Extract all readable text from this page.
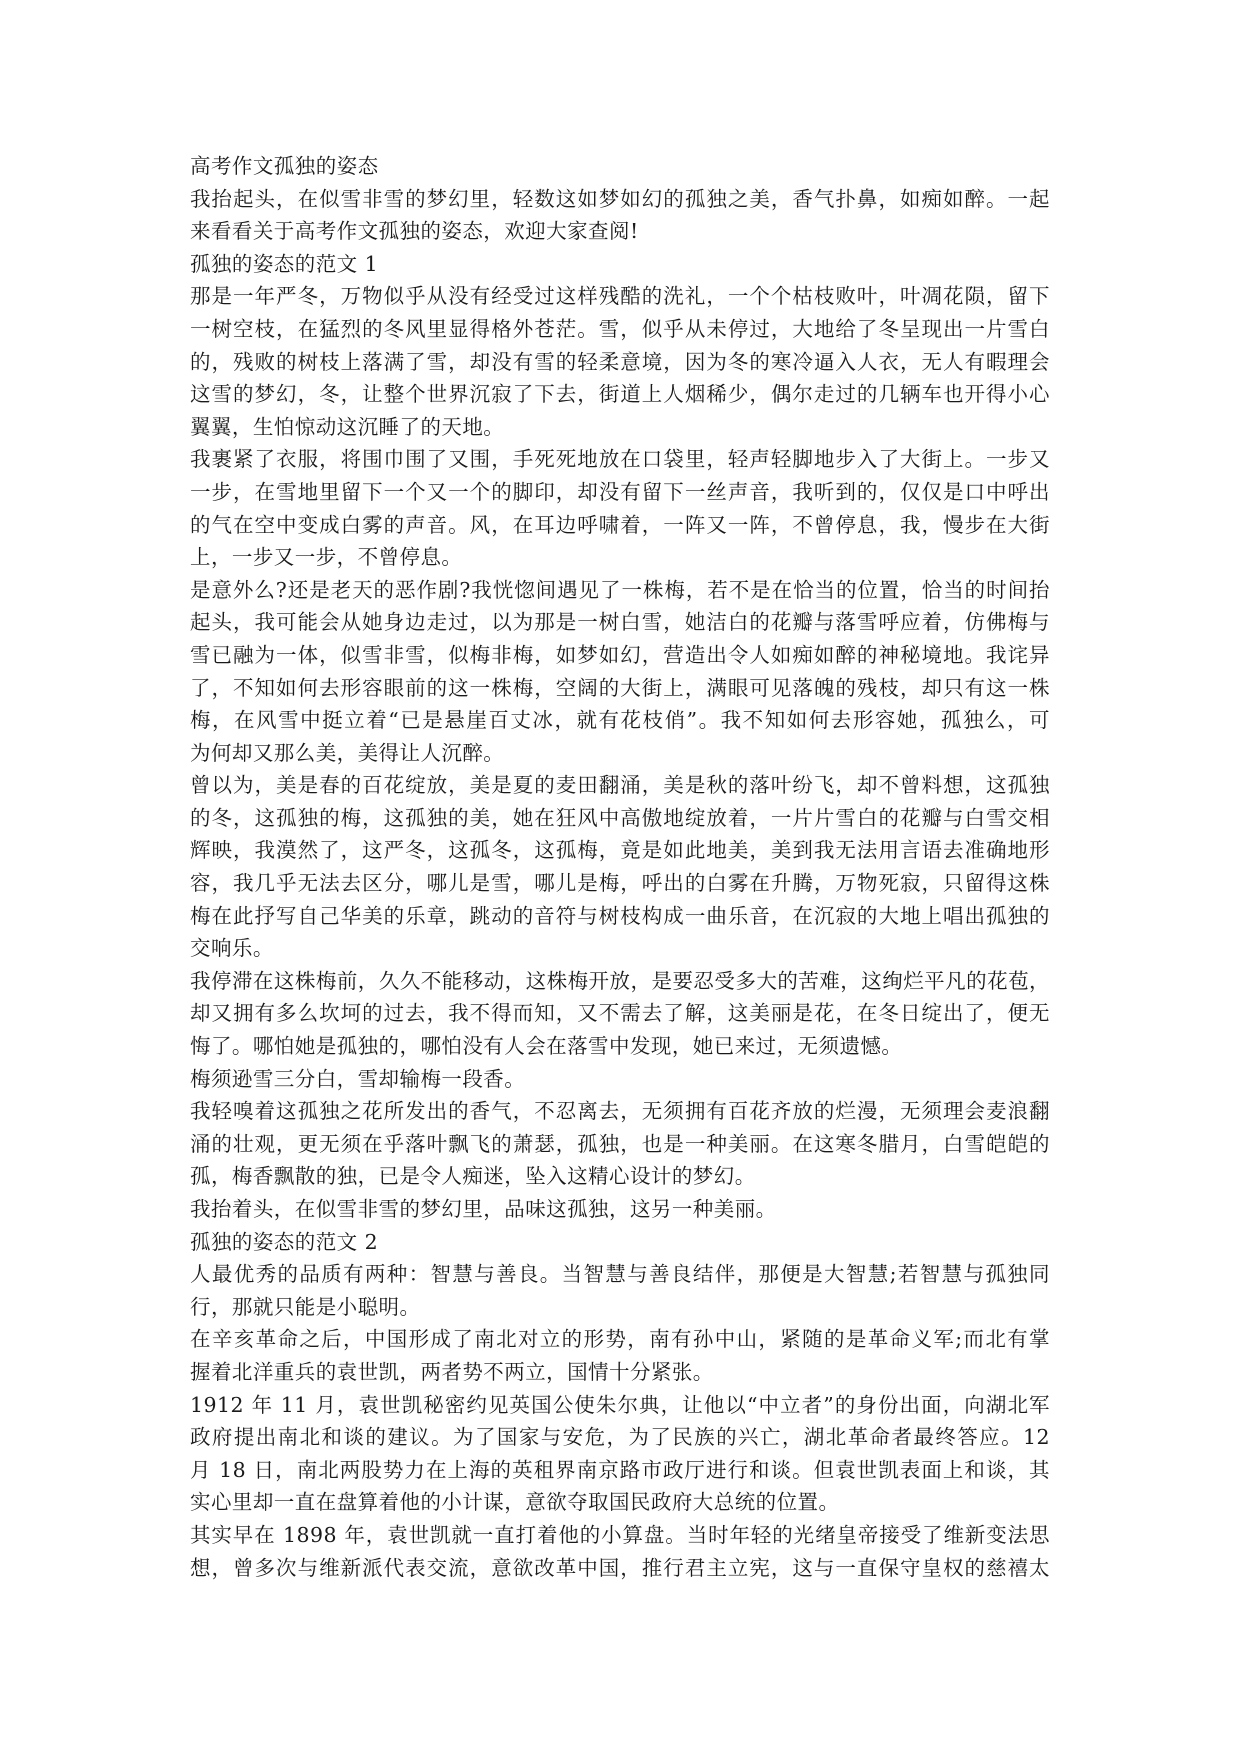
高考作文孤独的姿态
我抬起头，在似雪非雪的梦幻里，轻数这如梦如幻的孤独之美，香气扑鼻，如痴如醉。一起
来看看关于高考作文孤独的姿态，欢迎大家查阅!
孤独的姿态的范文 1
那是一年严冬，万物似乎从没有经受过这样残酷的洗礼，一个个枯枝败叶，叶凋花陨，留下
一树空枝，在猛烈的冬风里显得格外苍茫。雪，似乎从未停过，大地给了冬呈现出一片雪白
的，残败的树枝上落满了雪，却没有雪的轻柔意境，因为冬的寒冷逼入人衣，无人有暇理会
这雪的梦幻，冬，让整个世界沉寂了下去，街道上人烟稀少，偶尔走过的几辆车也开得小心
翼翼，生怕惊动这沉睡了的天地。
我裹紧了衣服，将围巾围了又围，手死死地放在口袋里，轻声轻脚地步入了大街上。一步又
一步，在雪地里留下一个又一个的脚印，却没有留下一丝声音，我听到的，仅仅是口中呼出
的气在空中变成白雾的声音。风，在耳边呼啸着，一阵又一阵，不曾停息，我，慢步在大街
上，一步又一步，不曾停息。
是意外么?还是老天的恶作剧?我恍惚间遇见了一株梅，若不是在恰当的位置，恰当的时间抬
起头，我可能会从她身边走过，以为那是一树白雪，她洁白的花瓣与落雪呼应着，仿佛梅与
雪已融为一体，似雪非雪，似梅非梅，如梦如幻，营造出令人如痴如醉的神秘境地。我诧异
了，不知如何去形容眼前的这一株梅，空阔的大街上，满眼可见落魄的残枝，却只有这一株
梅，在风雪中挺立着“已是悬崖百丈冰，就有花枝俏”。我不知如何去形容她，孤独么，可
为何却又那么美，美得让人沉醉。
曾以为，美是春的百花绽放，美是夏的麦田翻涌，美是秋的落叶纷飞，却不曾料想，这孤独
的冬，这孤独的梅，这孤独的美，她在狂风中高傲地绽放着，一片片雪白的花瓣与白雪交相
辉映，我漠然了，这严冬，这孤冬，这孤梅，竟是如此地美，美到我无法用言语去准确地形
容，我几乎无法去区分，哪儿是雪，哪儿是梅，呼出的白雾在升腾，万物死寂，只留得这株
梅在此抒写自己华美的乐章，跳动的音符与树枝构成一曲乐音，在沉寂的大地上唱出孤独的
交响乐。
我停滞在这株梅前，久久不能移动，这株梅开放，是要忍受多大的苦难，这绚烂平凡的花苞，
却又拥有多么坎坷的过去，我不得而知，又不需去了解，这美丽是花，在冬日绽出了，便无
悔了。哪怕她是孤独的，哪怕没有人会在落雪中发现，她已来过，无须遗憾。
梅须逊雪三分白，雪却输梅一段香。
我轻嗅着这孤独之花所发出的香气，不忍离去，无须拥有百花齐放的烂漫，无须理会麦浪翻
涌的壮观，更无须在乎落叶飘飞的萧瑟，孤独，也是一种美丽。在这寒冬腊月，白雪皑皑的
孤，梅香飘散的独，已是令人痴迷，坠入这精心设计的梦幻。
我抬着头，在似雪非雪的梦幻里，品味这孤独，这另一种美丽。
孤独的姿态的范文 2
人最优秀的品质有两种：智慧与善良。当智慧与善良结伴，那便是大智慧;若智慧与孤独同
行，那就只能是小聪明。
在辛亥革命之后，中国形成了南北对立的形势，南有孙中山，紧随的是革命义军;而北有掌
握着北洋重兵的袁世凯，两者势不两立，国情十分紧张。
1912 年 11 月，袁世凯秘密约见英国公使朱尔典，让他以“中立者”的身份出面，向湖北军
政府提出南北和谈的建议。为了国家与安危，为了民族的兴亡，湖北革命者最终答应。12
月 18 日，南北两股势力在上海的英租界南京路市政厅进行和谈。但袁世凯表面上和谈，其
实心里却一直在盘算着他的小计谋，意欲夺取国民政府大总统的位置。
其实早在 1898 年，袁世凯就一直打着他的小算盘。当时年轻的光绪皇帝接受了维新变法思
想，曾多次与维新派代表交流，意欲改革中国，推行君主立宪，这与一直保守皇权的慈禧太
